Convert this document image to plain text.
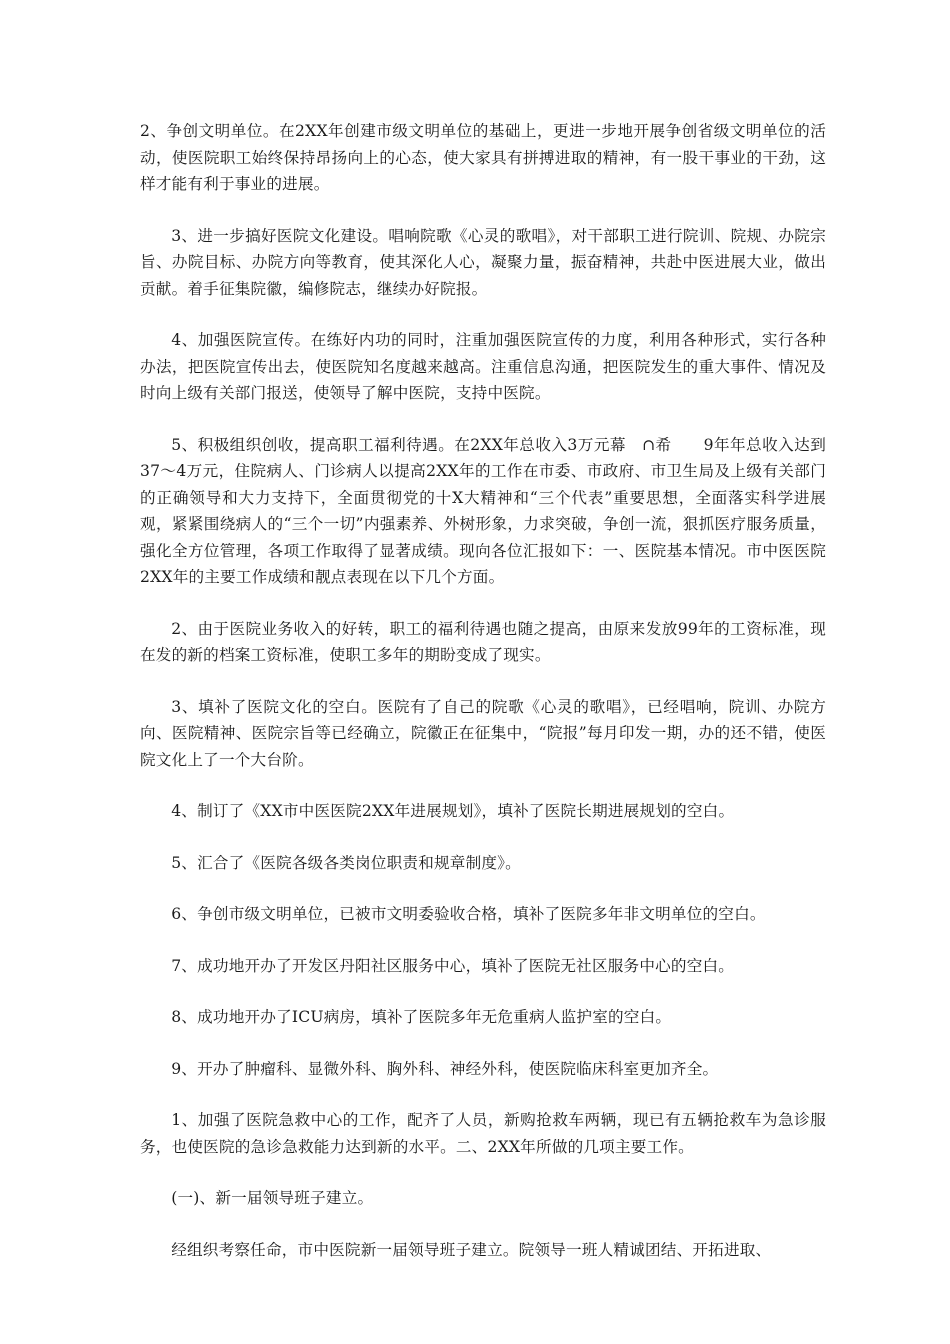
2、争创文明单位。在2XX年创建市级文明单位的基础上，更进一步地开展争创省级文明单位的活动，使医院职工始终保持昂扬向上的心态，使大家具有拼搏进取的精神，有一股干事业的干劲，这样才能有利于事业的进展。

3、进一步搞好医院文化建设。唱响院歌《心灵的歌唱》，对干部职工进行院训、院规、办院宗旨、办院目标、办院方向等教育，使其深化人心，凝聚力量，振奋精神，共赴中医进展大业，做出贡献。着手征集院徽，编修院志，继续办好院报。

4、加强医院宣传。在练好内功的同时，注重加强医院宣传的力度，利用各种形式，实行各种办法，把医院宣传出去，使医院知名度越来越高。注重信息沟通，把医院发生的重大事件、情况及时向上级有关部门报送，使领导了解中医院，支持中医院。

5、积极组织创收，提高职工福利待遇。在2XX年总收入3万元幕　∩希　　9年年总收入达到37～4万元，住院病人、门诊病人以提高2XX年的工作在市委、市政府、市卫生局及上级有关部门的正确领导和大力支持下，全面贯彻党的十X大精神和“三个代表”重要思想，全面落实科学进展观，紧紧围绕病人的“三个一切”内强素养、外树形象，力求突破，争创一流，狠抓医疗服务质量，强化全方位管理，各项工作取得了显著成绩。现向各位汇报如下：一、医院基本情况。市中医医院2XX年的主要工作成绩和靓点表现在以下几个方面。

2、由于医院业务收入的好转，职工的福利待遇也随之提高，由原来发放99年的工资标准，现在发的新的档案工资标准，使职工多年的期盼变成了现实。

3、填补了医院文化的空白。医院有了自己的院歌《心灵的歌唱》，已经唱响，院训、办院方向、医院精神、医院宗旨等已经确立，院徽正在征集中，“院报”每月印发一期，办的还不错，使医院文化上了一个大台阶。

4、制订了《XX市中医医院2XX年进展规划》，填补了医院长期进展规划的空白。

5、汇合了《医院各级各类岗位职责和规章制度》。

6、争创市级文明单位，已被市文明委验收合格，填补了医院多年非文明单位的空白。

7、成功地开办了开发区丹阳社区服务中心，填补了医院无社区服务中心的空白。

8、成功地开办了ICU病房，填补了医院多年无危重病人监护室的空白。

9、开办了肿瘤科、显微外科、胸外科、神经外科，使医院临床科室更加齐全。

1、加强了医院急救中心的工作，配齐了人员，新购抢救车两辆，现已有五辆抢救车为急诊服务，也使医院的急诊急救能力达到新的水平。二、2XX年所做的几项主要工作。

(一)、新一届领导班子建立。

经组织考察任命，市中医院新一届领导班子建立。院领导一班人精诚团结、开拓进取、
